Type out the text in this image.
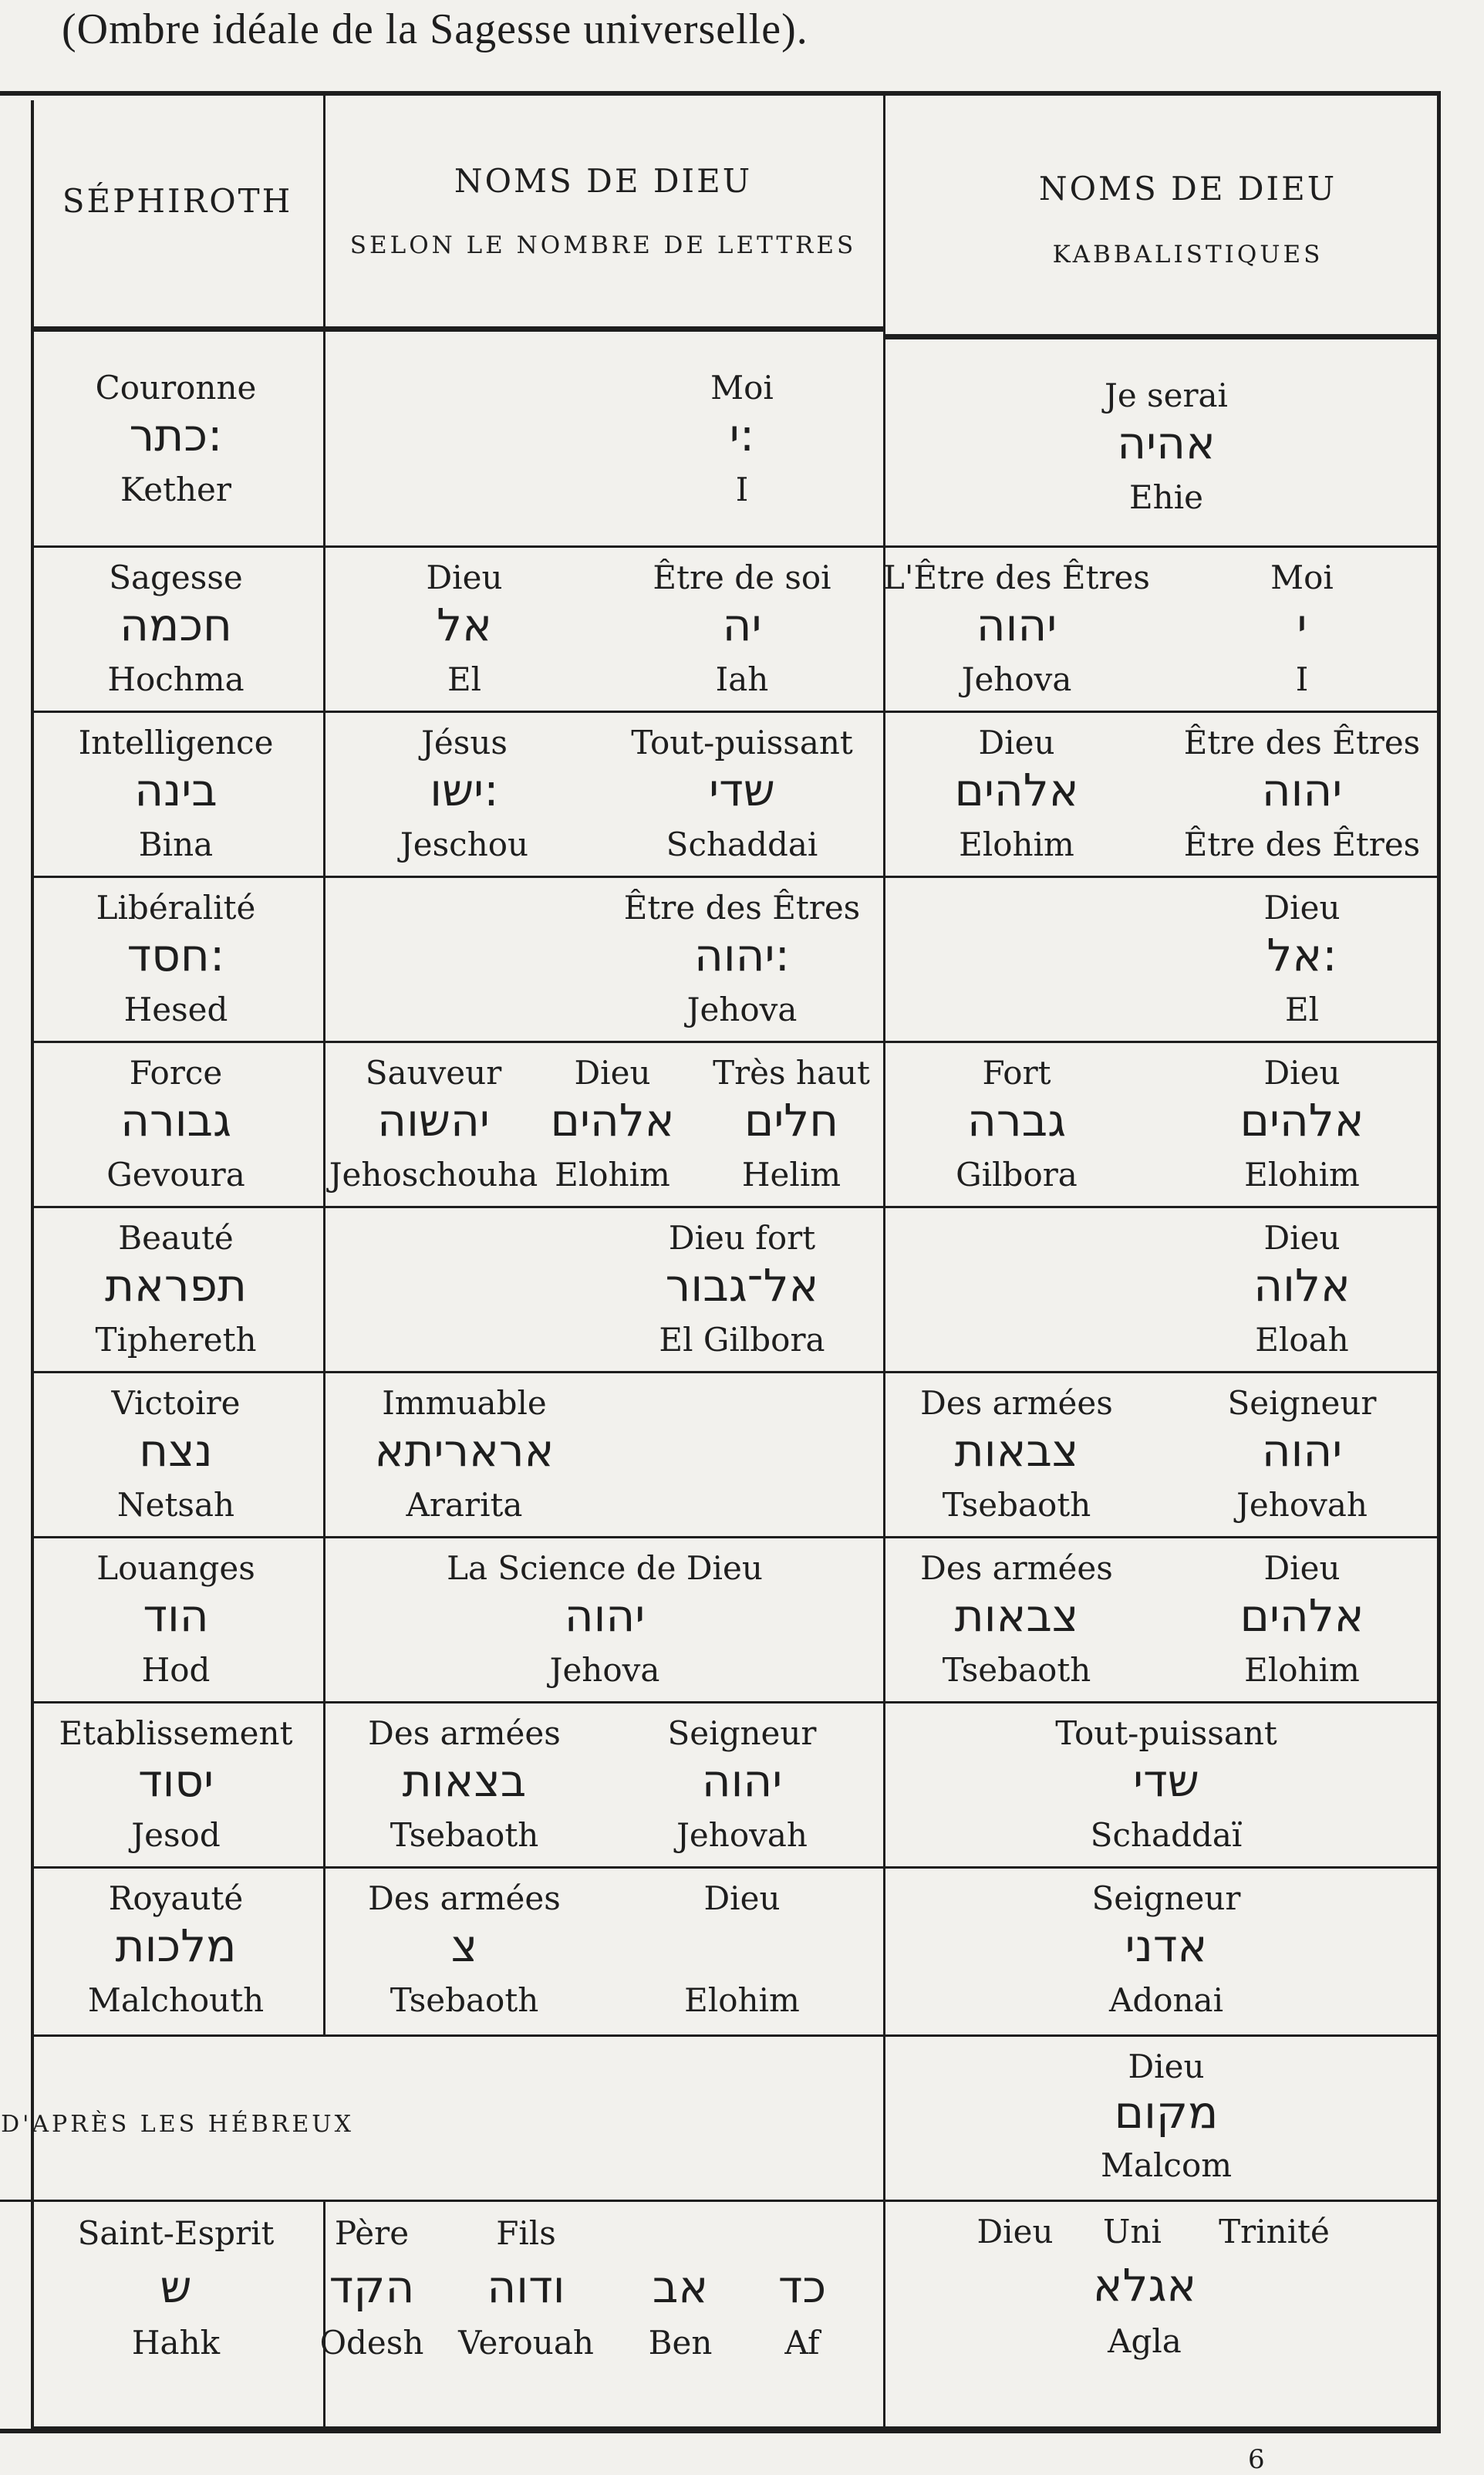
(Ombre idéale de la Sagesse universelle).
SÉPHIROTH
NOMS DE DIEU
SELON LE NOMBRE DE LETTRES
NOMS DE DIEU
KABBALISTIQUES
Couronne
:כתר
Kether
Moi
:י
I
Je serai
אהיה
Ehie
Sagesse
חכמה
Hochma
Dieu
אל
El
Être de soi
יה
Iah
L'Être des Êtres
יהוה
Jehova
Moi
י
I
Intelligence
בינה
Bina
Jésus
:ישו
Jeschou
Tout-puissant
שדי
Schaddai
Dieu
אלהים
Elohim
Être des Êtres
יהוה
Être des Êtres
Libéralité
:חסד
Hesed
Être des Êtres
:יהוה
Jehova
Dieu
:אל
El
Force
גבורה
Gevoura
Sauveur
יהשוה
Jehoschouha
Dieu
אלהים
Elohim
Très haut
חלים
Helim
Fort
גברה
Gilbora
Dieu
אלהים
Elohim
Beauté
תפראת
Tiphereth
Dieu fort
אל־גבור
El Gilbora
Dieu
אלוה
Eloah
Victoire
נצח
Netsah
Immuable
אראריתא
Ararita
Des armées
צבאות
Tsebaoth
Seigneur
יהוה
Jehovah
Louanges
הוד
Hod
La Science de Dieu
יהוה
Jehova
Des armées
צבאות
Tsebaoth
Dieu
אלהים
Elohim
Etablissement
יסוד
Jesod
Des armées
בצאות
Tsebaoth
Seigneur
יהוה
Jehovah
Tout-puissant
שדי
Schaddaï
Royauté
מלכות
Malchouth
Des armées
צ
Tsebaoth
Dieu
Elohim
Seigneur
אדני
Adonai
D'APRÈS LES HÉBREUX
Dieu
מקום
Malcom
Saint-Esprit
ש
Hahk
Père
הקד
Odesh
Fils
ודוה
Verouah
אב
Ben
כד
Af
Dieu Uni Trinité
אגלא
Agla
6
